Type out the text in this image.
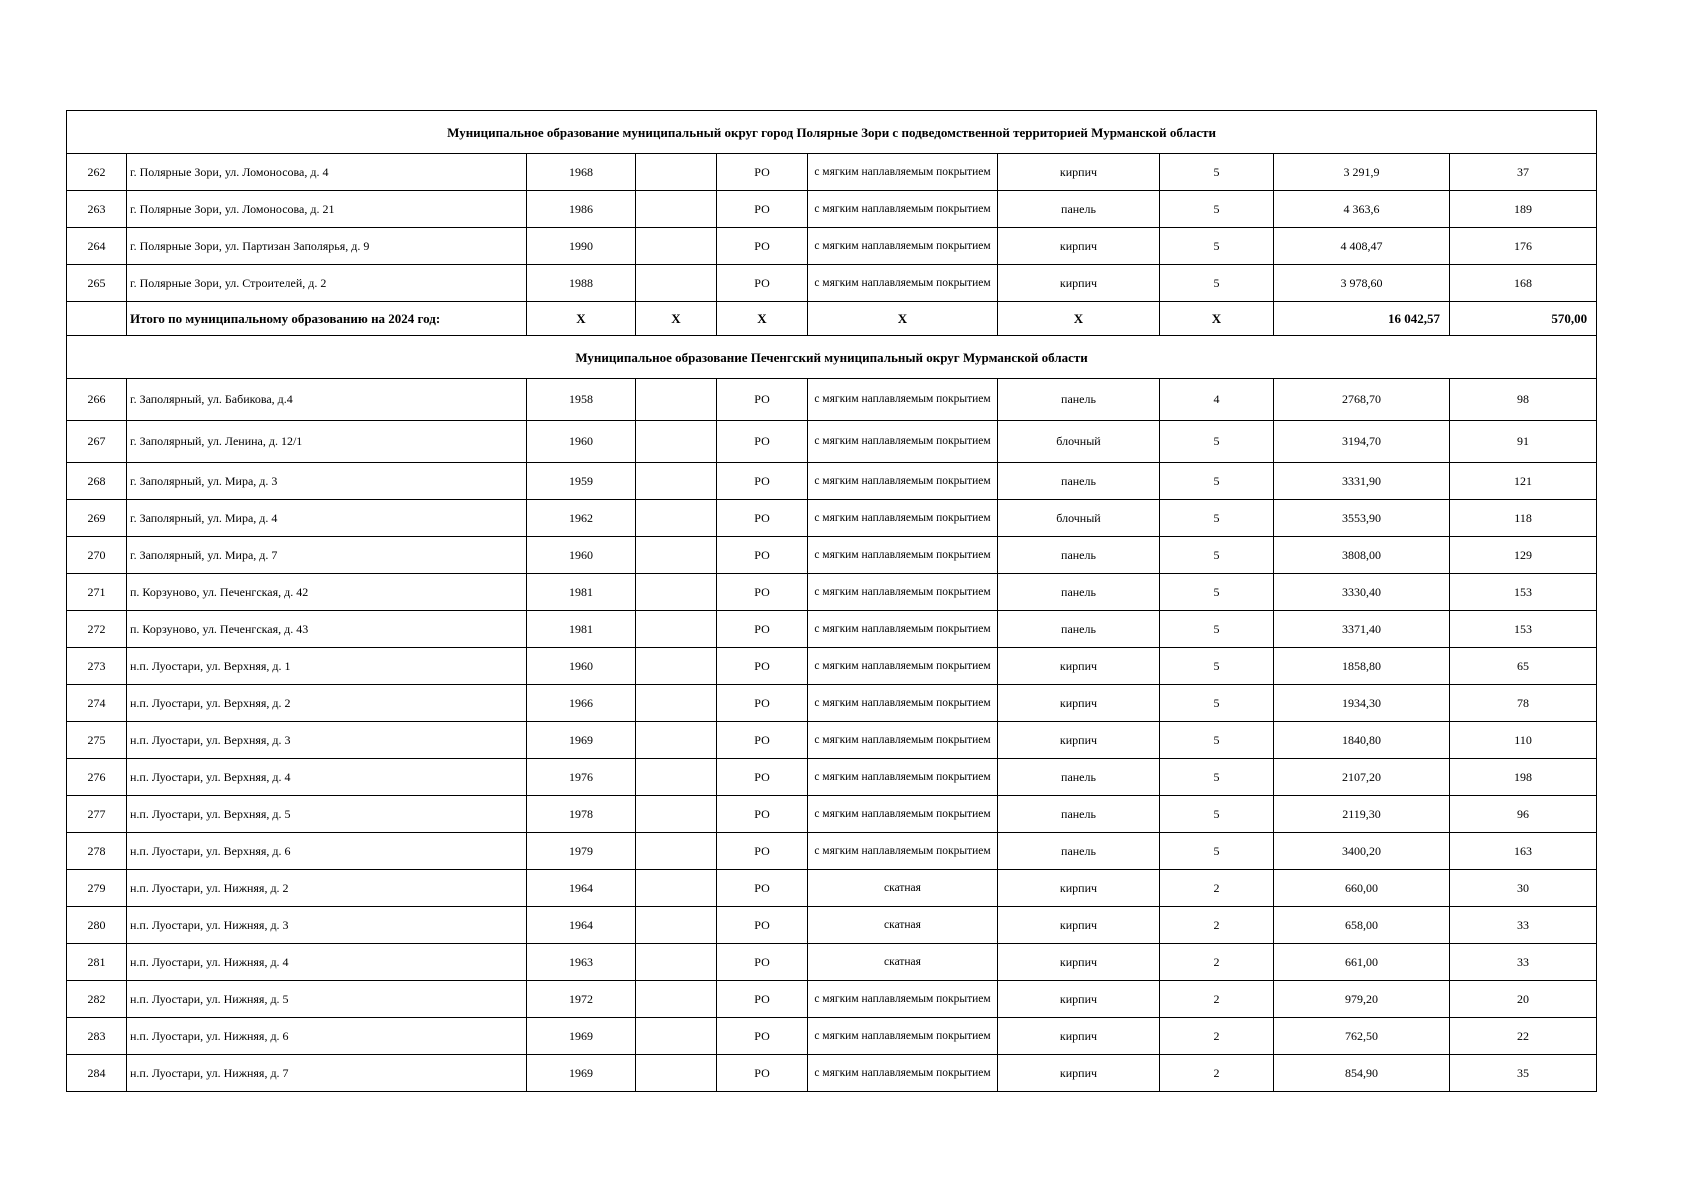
Муниципальное образование муниципальный округ город Полярные Зори с подведомственной территорией Мурманской области									
262	г. Полярные Зори, ул. Ломоносова, д. 4	1968		РО	с мягким наплавляемым покрытием	кирпич	5	3 291,9	37
263	г. Полярные Зори, ул. Ломоносова, д. 21	1986		РО	с мягким наплавляемым покрытием	панель	5	4 363,6	189
264	г. Полярные Зори, ул. Партизан Заполярья, д. 9	1990		РО	с мягким наплавляемым покрытием	кирпич	5	4 408,47	176
265	г. Полярные Зори, ул. Строителей, д. 2	1988		РО	с мягким наплавляемым покрытием	кирпич	5	3 978,60	168
	Итого по муниципальному образованию на 2024 год:	X	X	X	X	X	X	16 042,57	570,00
Муниципальное образование Печенгский муниципальный округ Мурманской области									
266	г. Заполярный, ул. Бабикова, д.4	1958		РО	с мягким наплавляемым покрытием	панель	4	2768,70	98
267	г. Заполярный, ул. Ленина, д. 12/1	1960		РО	с мягким наплавляемым покрытием	блочный	5	3194,70	91
268	г. Заполярный, ул. Мира, д. 3	1959		РО	с мягким наплавляемым покрытием	панель	5	3331,90	121
269	г. Заполярный, ул. Мира, д. 4	1962		РО	с мягким наплавляемым покрытием	блочный	5	3553,90	118
270	г. Заполярный, ул. Мира, д. 7	1960		РО	с мягким наплавляемым покрытием	панель	5	3808,00	129
271	п. Корзуново, ул. Печенгская, д. 42	1981		РО	с мягким наплавляемым покрытием	панель	5	3330,40	153
272	п. Корзуново, ул. Печенгская, д. 43	1981		РО	с мягким наплавляемым покрытием	панель	5	3371,40	153
273	н.п. Луостари, ул. Верхняя, д. 1	1960		РО	с мягким наплавляемым покрытием	кирпич	5	1858,80	65
274	н.п. Луостари, ул. Верхняя, д. 2	1966		РО	с мягким наплавляемым покрытием	кирпич	5	1934,30	78
275	н.п. Луостари, ул. Верхняя, д. 3	1969		РО	с мягким наплавляемым покрытием	кирпич	5	1840,80	110
276	н.п. Луостари, ул. Верхняя, д. 4	1976		РО	с мягким наплавляемым покрытием	панель	5	2107,20	198
277	н.п. Луостари, ул. Верхняя, д. 5	1978		РО	с мягким наплавляемым покрытием	панель	5	2119,30	96
278	н.п. Луостари, ул. Верхняя, д. 6	1979		РО	с мягким наплавляемым покрытием	панель	5	3400,20	163
279	н.п. Луостари, ул. Нижняя, д. 2	1964		РО	скатная	кирпич	2	660,00	30
280	н.п. Луостари, ул. Нижняя, д. 3	1964		РО	скатная	кирпич	2	658,00	33
281	н.п. Луостари, ул. Нижняя, д. 4	1963		РО	скатная	кирпич	2	661,00	33
282	н.п. Луостари, ул. Нижняя, д. 5	1972		РО	с мягким наплавляемым покрытием	кирпич	2	979,20	20
283	н.п. Луостари, ул. Нижняя, д. 6	1969		РО	с мягким наплавляемым покрытием	кирпич	2	762,50	22
284	н.п. Луостари, ул. Нижняя, д. 7	1969		РО	с мягким наплавляемым покрытием	кирпич	2	854,90	35
